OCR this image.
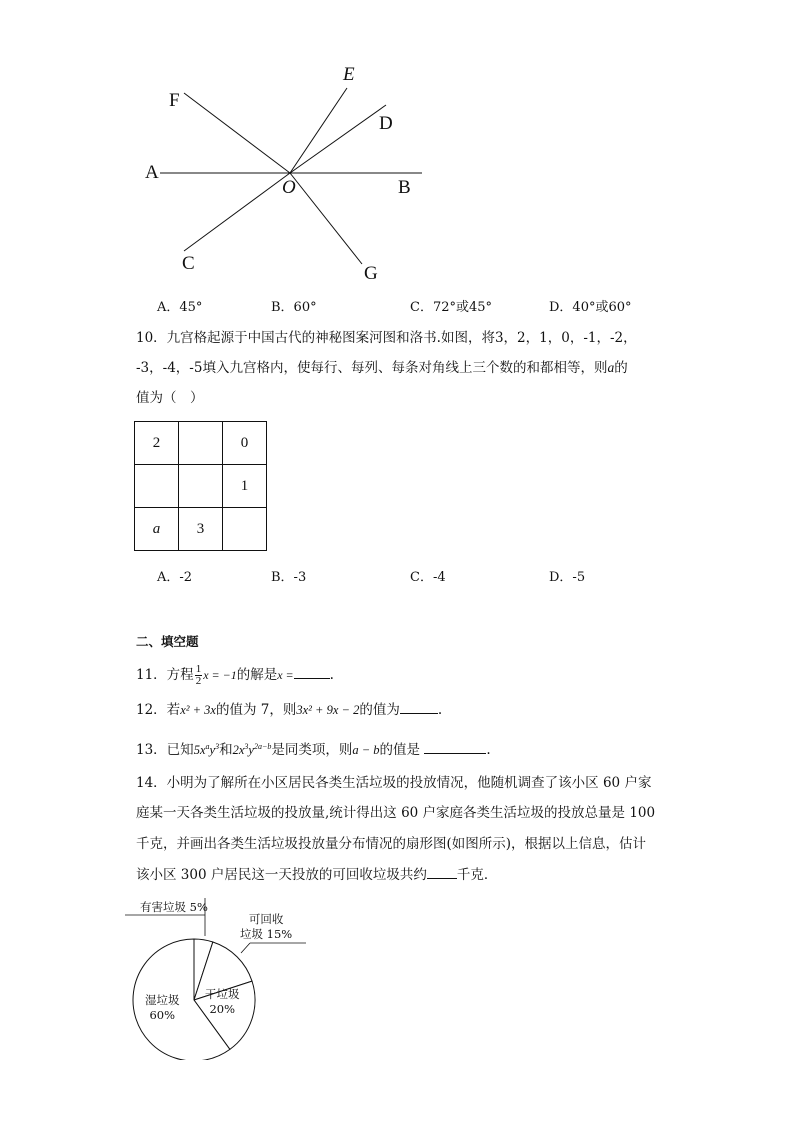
E
F
D
A
O	B
C	G
A．45°	B．60°	C．72°或45°	D．40°或60°
10．九宫格起源于中国古代的神秘图案河图和洛书.如图，将3，2，1，0，-1，-2，
-3，-4，-5填入九宫格内，使每行、每列、每条对角线上三个数的和都相等，则a的
值为（　）
2		0
		1
a	3	
A．-2	B．-3	C．-4	D．-5
二、填空题
11．方程 $\frac{1}{2}$ x = −1的解是x =	.
12．若x² + 3x的值为 7，则3x² + 9x − 2的值为	.
13．已知$5x^ay^3$和$2x^3y^{2a-b}$是同类项，则a − b的值是	.
14．小明为了解所在小区居民各类生活垃圾的投放情况，他随机调查了该小区 60 户家
庭某一天各类生活垃圾的投放量,统计得出这 60 户家庭各类生活垃圾的投放总量是 100
千克，并画出各类生活垃圾投放量分布情况的扇形图(如图所示)，根据以上信息，估计
该小区 300 户居民这一天投放的可回收垃圾共约 千克．
有害垃圾 5%
可回收
垃圾 15%
干垃圾
20%
湿垃圾
60%
